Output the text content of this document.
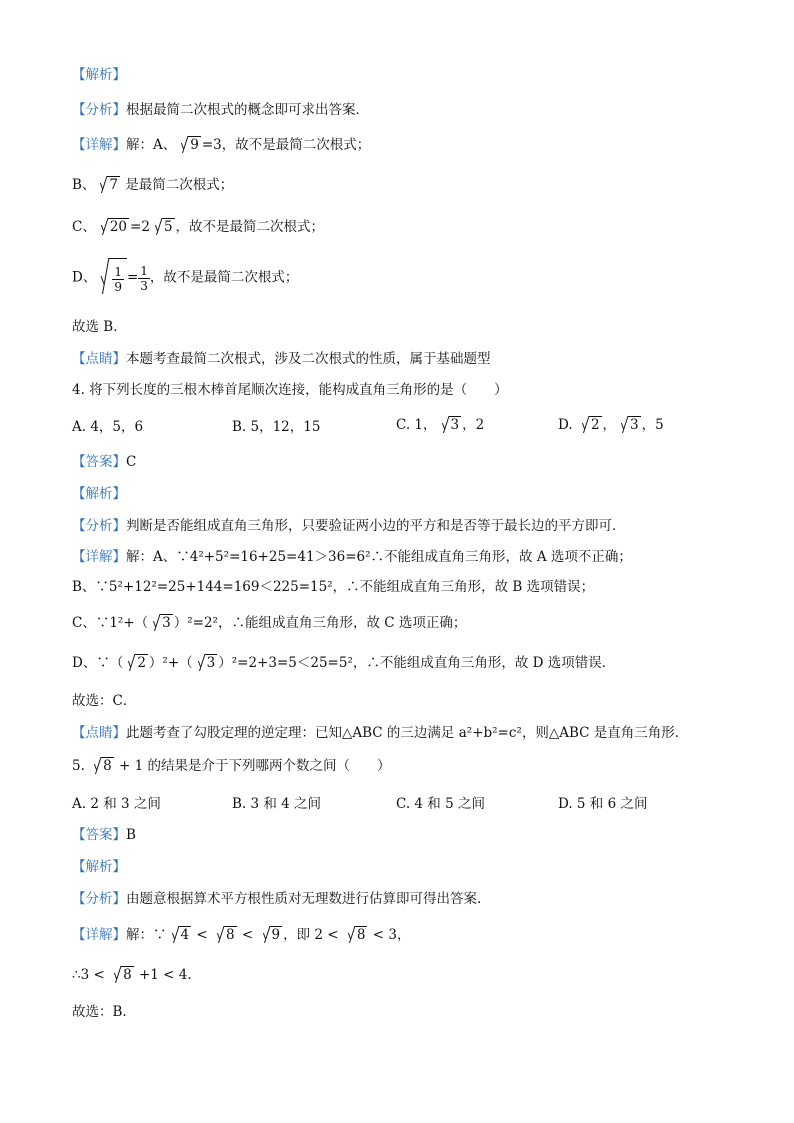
【解析】
【分析】根据最简二次根式的概念即可求出答案．
【详解】解：A、 9 =3，故不是最简二次根式；
B、 7 是最简二次根式；
C、 20 =2 5 ，故不是最简二次根式；
D、 $\frac{1}{9} = \frac{1}{3}$ ，故不是最简二次根式；
故选 B．
【点睛】本题考查最简二次根式，涉及二次根式的性质，属于基础题型
4. 将下列长度的三根木棒首尾顺次连接，能构成直角三角形的是（　　）
A. 4，5，6	B. 5，12，15	C. 1， 3 ，2	D. 2 ， 3 ，5
【答案】C
【解析】
【分析】判断是否能组成直角三角形，只要验证两小边的平方和是否等于最长边的平方即可．
【详解】解：A、∵4²+5²=16+25=41＞36=6²∴不能组成直角三角形，故 A 选项不正确；
B、∵5²+12²=25+144=169＜225=15²，∴不能组成直角三角形，故 B 选项错误；
C、∵1²+（ 3 ）²=2²，∴能组成直角三角形，故 C 选项正确；
D、∵（ 2 ）²+（ 3 ）²=2+3=5＜25=5²，∴不能组成直角三角形，故 D 选项错误．
故选：C．
【点睛】此题考查了勾股定理的逆定理：已知△ABC 的三边满足 a²+b²=c²，则△ABC 是直角三角形．
5. 8 + 1 的结果是介于下列哪两个数之间（　　）
A. 2 和 3 之间	B. 3 和 4 之间	C. 4 和 5 之间	D. 5 和 6 之间
【答案】B
【解析】
【分析】由题意根据算术平方根性质对无理数进行估算即可得出答案.
【详解】解：∵ 4 < 8 < 9 ，即 2 < 8 < 3，
∴3 < 8 +1 < 4.
故选：B.
